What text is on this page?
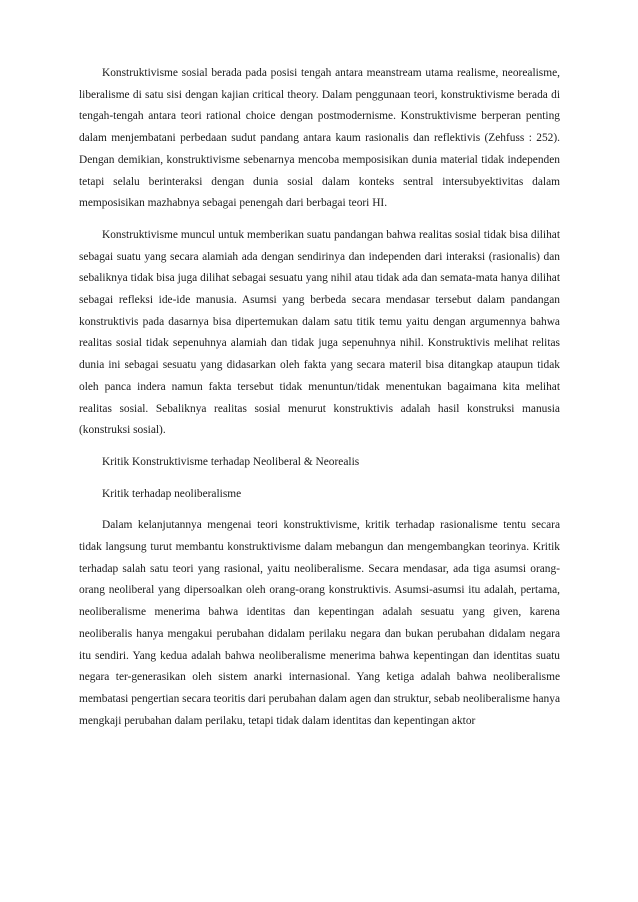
Konstruktivisme sosial berada pada posisi tengah antara meanstream utama realisme, neorealisme, liberalisme di satu sisi dengan kajian critical theory. Dalam penggunaan teori, konstruktivisme berada di tengah-tengah antara teori rational choice dengan postmodernisme. Konstruktivisme berperan penting dalam menjembatani perbedaan sudut pandang antara kaum rasionalis dan reflektivis (Zehfuss : 252). Dengan demikian, konstruktivisme sebenarnya mencoba memposisikan dunia material tidak independen tetapi selalu berinteraksi dengan dunia sosial dalam konteks sentral intersubyektivitas dalam memposisikan mazhabnya sebagai penengah dari berbagai teori HI.

Konstruktivisme muncul untuk memberikan suatu pandangan bahwa realitas sosial tidak bisa dilihat sebagai suatu yang secara alamiah ada dengan sendirinya dan independen dari interaksi (rasionalis) dan sebaliknya tidak bisa juga dilihat sebagai sesuatu yang nihil atau tidak ada dan semata-mata hanya dilihat sebagai refleksi ide-ide manusia. Asumsi yang berbeda secara mendasar tersebut dalam pandangan konstruktivis pada dasarnya bisa dipertemukan dalam satu titik temu yaitu dengan argumennya bahwa realitas sosial tidak sepenuhnya alamiah dan tidak juga sepenuhnya nihil. Konstruktivis melihat relitas dunia ini sebagai sesuatu yang didasarkan oleh fakta yang secara materil bisa ditangkap ataupun tidak oleh panca indera namun fakta tersebut tidak menuntun/tidak menentukan bagaimana kita melihat realitas sosial. Sebaliknya realitas sosial menurut konstruktivis adalah hasil konstruksi manusia (konstruksi sosial).

Kritik Konstruktivisme terhadap Neoliberal & Neorealis

Kritik terhadap neoliberalisme

Dalam kelanjutannya mengenai teori konstruktivisme, kritik terhadap rasionalisme tentu secara tidak langsung turut membantu konstruktivisme dalam mebangun dan mengembangkan teorinya. Kritik terhadap salah satu teori yang rasional, yaitu neoliberalisme. Secara mendasar, ada tiga asumsi orang-orang neoliberal yang dipersoalkan oleh orang-orang konstruktivis. Asumsi-asumsi itu adalah, pertama, neoliberalisme menerima bahwa identitas dan kepentingan adalah sesuatu yang given, karena neoliberalis hanya mengakui perubahan didalam perilaku negara dan bukan perubahan didalam negara itu sendiri. Yang kedua adalah bahwa neoliberalisme menerima bahwa kepentingan dan identitas suatu negara ter-generasikan oleh sistem anarki internasional. Yang ketiga adalah bahwa neoliberalisme membatasi pengertian secara teoritis dari perubahan dalam agen dan struktur, sebab neoliberalisme hanya mengkaji perubahan dalam perilaku, tetapi tidak dalam identitas dan kepentingan aktor
